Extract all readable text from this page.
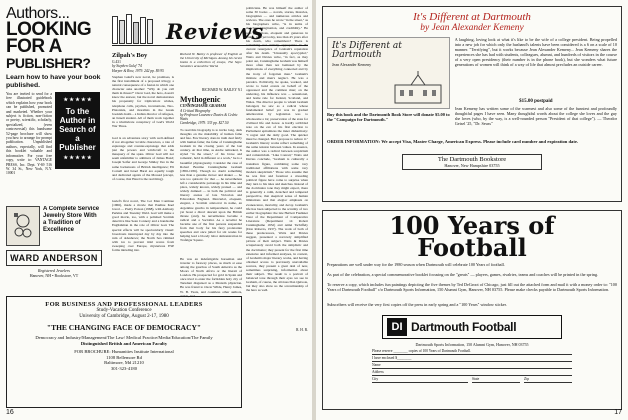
Authors...
LOOKING
FOR A
PUBLISHER?
Learn how to have your book published.
You are invited to send for a free illustrated guidebook which explains how your book can be published, promoted and marketed. Whether your subject is fiction, non-fiction or poetry, scientific, scholarly, specialized, (even controversial) this handsome 52-page brochure will show you how to arrange for prompt publication. Unpublished authors, especially, will find this booklet valuable and informative. For your free copy, write to: VANTAGE PRESS, Inc. Dept. Y-69 516 W. 34 St., New York, N.Y. 10001
★ ★ ★ ★ ★
To the Author in Search of a Publisher
★ ★ ★ ★ ★
A Complete Service Jewelry Store With a Tradition of Excellence
WARD ANDERSON
Registered Jewelers
Hanover, NH • Bookstore, VT
Reviews
Zilpah's Boy
G.431
by Stephen Gulef '74
Harper & Row, 1979. 242 pp. $9.95
Stephen Gulef's new novel, he promises, is the first installment of a proposed trilogy, a natural consequence of a fusion in which one character asks another: "Why do you call them in threes?" Oscar Gad, the hero, doesn't know the answer, but the novel demonstrates his propensity for triplication: wishes, telephone calls, psyches, incarnations, Neo-Platonists, and moralists in the Greek bookish doubt... a Indian director of refugees, an Israeli student. All of them work together in a triumvirate conspiracy of Gad's World War Three.
Gad is an adventure story with well-defined if not altogether lovable characters, a tale of espionage and counter-espionage that adds just the powers and witchcraft to the masquery of the spies. Oliver Gad will not seem unfamiliar to admirers of James Bond; Joseph Seifer and George Smiley live in the same backstreets of British intelligence; Eli Cornell and Israel Harel are equally tough and dedicated agents of the Mossad (except, of course, that Harel is the real thing).
Gulef's first novel, The Lot Men Continue (1966), made a movie that Pauline Kael loved — Pretty Poison (1968), with Anthony Perkins and Tuesday Weld. Gad will make a good movie, too, with a polished Scottish detective like Sean Connery and a handsome Englishman in the role of Oliver Gad. The special effects will be spectacularly visual: broadcasts interrupted day by day into the ruin of sideshows; the North Sea rimmed with ice to prevent tidal waves from sweeping over Europe, mysterious ESP forms intruding into
Richard W. Bailey is professor of English at the University of Michigan. Among his recent books is a collection of essays, The Sign: Semiotics around the World.
RICHARD W. BAILEY '61
Mythogenic
CUNNINGHAME GRAHAM
A Critical Biography
by Professor Laurence Davies & Cedric Watts
Cambridge, 1979. 333 pp. $27.50
To read this biography is to invite long, dark thoughts on the mutability of human fame and fate. Few literary dons in truth deal fairly with human fame; the fame of Cunninghame Graham in the closing years of the last century. At that time, as Andre remarked, is styled "in the street," of his brave and romantic, hold in different or a work," he is a beautiful physiognomy. Consider the case of Robert Bontine Cunninghame Graham (1856-1936). Though no doubt something less than a genuine mover and shaker — he was too quixotic for that — he nevertheless left a considerable patronage in his time and place, widely known, widely praised — and widely damned — in both the political and literary arenas of late Victorian and Edwardian England. Mercurial, eloquent, elegant, a Scottish aristocrat in name, an Argentine gaucho in temperament, he could yet boast a direct descent upon the British throne (and), he nevertheless became a radical and a Socialist. As a novelist he became one of the first persons suspended from that body for his fiery proletarian speeches and once jailed for six weeks for helping lead a bloody labor demonstration in Trafalgar Square.
He was an indefatigable horseman and traveler to faraway places, as much at ease among the gauchos of South America as the Moors of North Africa or the literati of London. He prospected for gold in Spain and once tried to enter the forbidden holy city of Tarudant disguised as a Moslem physician. He was friend to Oscar Wilde, Henry James, W. B. Yeats, and countless other authors, artists, and
politicians. He was himself the author of some 30 books — novels, stories, histories, biographies — and numerous articles and reviews. The ones he wrote "in the street," as his biographers write, "is in terms of sketches, imagination, and credibility." He was prodigious, eloquent and generous in praise. And yet today, less than 45 years after his death, who remembers? There is something not entirely appropriate in the current resurgence of Graham's reputation after his death. "Unusually apocryphal," Watts and Davies write, "in fact, as they point out, Cunninghame Graham was himself more often than not bemused by the implications of everything connected and by the irony of forgotten men." Graham's mixture and men's neglect. He was a paradox. Politically, he spoke, worked, and wrote to bend events on behalf of the oppressed and the common man; on the underdog, his influence was ... sensational, and home rule for Ireland, Scotland, and Wales. The director people to whom Graham belonged, he saw as a radical whose fundamental belief yet was in gradual amelioration by legislation was to wholesome a lot; preservation of the state for civilized life and honor. A hardly scribbled note on the eve of his first election to Parliament epitomizes the inner disharmony: "I regret and the daily good. The quicker must be changed. But I propose to reduce it." Graham's literary works reflect something of the same tension between values. In essence, the author was a radical between scepticism and romanticism. "Like Conrad," Watts and Davies conclude, "Graham is culturally a transition figure, combining some very traditional affiliations with some very modern skepticism." Those who assume that he was first and foremost a crusading political figure have come to surprise when they turn to his tales and sketches. Instead of the doctrinaire tone they might expect, there is generally a calm, detached and tempered perspective, that skeptical sense of human limitations and that elegiac emphasis on evanescence, mortality, and decay. Graham's life has been subjected to the scrutiny of two earlier biographies: the late Herbert Faulkner West of the Department of Comparative Literature (Department 14 Robert Cunninghame 1932) and Aimé Tschiffely (Don Roberto, 1937). The work of both of these predecessors, Watts and Davies suggest, presented a narrowly simplified picture of their subject. Watts & Davies scrupulously avoid both the simplistic and the doctrinaire; they present for the first time extensive and informed analyses, in context, of Graham's major literary works, and having obtained access to previously unavailable sources, they present a great deal of new, sometimes surprising, information about their subject. The result is a portrait of balanced tone through their eyes we see in Graham, of course, the obvious Don Quixote, but they also show us the screwmanship of the hero as well.
R. H. R.
FOR BUSINESS AND PROFESSIONAL LEADERS
Study-Vacation Conference
University of Cambridge, August 2-17, 1980
"THE CHANGING FACE OF DEMOCRACY"
Democracy and Industry/Management/The Law/ Medical Practice/Media/Education/The Family
Distinguished British and American Faculty
FOR BROCHURE: Humanities Institute International
1108 Bellemore Rd
Baltimore, Md 21210
301-323-4180
16
It's Different at Dartmouth
by Jean Alexander Kemeny
It's Different at Dartmouth
Jean Alexander Kemeny
Buy this book and the Dartmouth Book Store will donate $5.00 to the "Campaign for Dartmouth."
A laughing, loving look at what it's like to be the wife of a college president. Being propelled into a new job for which only the husband's talents have been considered is a 6 on a scale of 10 manner. "Terrifying", but it works because Jean Alexander Kemeny... Jean Kemeny shares the experiences she has had with students, colleagues, alumni, and hundreds of visitors in the course of a very open presidency (their number is in the phone book), but she wonders what future generations of women will think of a way of life that almost precludes an outside career.
$15.00 postpaid
Jean Kemeny has written some of the warmest and also some of the funniest and profoundly thoughtful pages I have seen. Many thoughtful words about the college she loves and the guy she loves (who, by the way, is a well-rounded person "President of that college"). — Theodor Geisel '25, "Dr. Seuss"
ORDER INFORMATION: We accept Visa, Master Charge, American Express. Please include card number and expiration date.
The Dartmouth Bookstore
Hanover, New Hampshire 03755
100 Years of
Football
Preparations are well under way for the 1980 season when Dartmouth will celebrate 100 Years of football.
As part of the celebration, a special commemorative booklet focusing on the "greats" — players, games, rivalries, teams and coaches will be printed in the spring.
To reserve a copy, which includes fun paintings depicting the five themes by Ted DeGroot of Chicago, just fill out the attached form and mail it with a money order to: "100 Years of Dartmouth Football" c/o Dartmouth Sports Information, 150 Alumni Gym, Hanover, NH 03755. Please make checks payable to Dartmouth Sports Information.
Subscribers will receive the very first copies off the press in early spring and a "100 Years" window sticker.
DI Dartmouth Football
Dartmouth Sports Information, 150 Alumni Gym, Hanover, NH 03755
Please reserve ________ copies of 100 Years of Dartmouth Football.
I have enclosed $________
Name
Address
City	State	Zip
17
